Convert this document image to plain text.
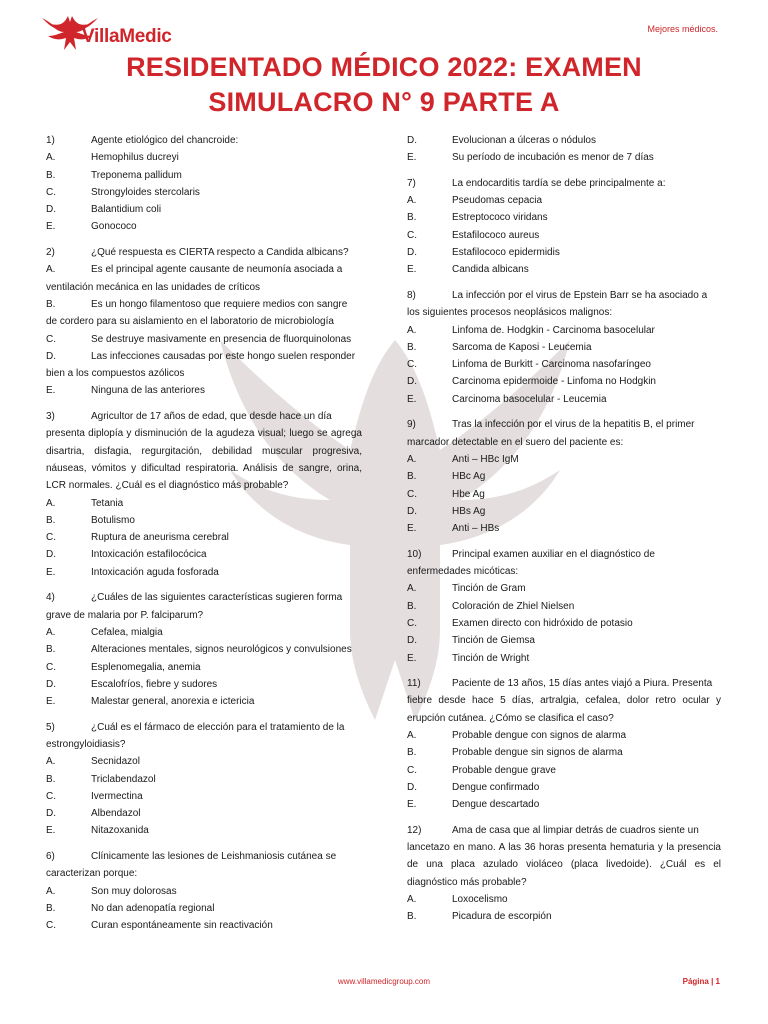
VillaMedic	Mejores médicos.
RESIDENTADO MÉDICO 2022: EXAMEN
SIMULACRO N° 9 PARTE A
1)	Agente etiológico del chancroide:
A.	Hemophilus ducreyi
B.	Treponema pallidum
C.	Strongyloides stercolaris
D.	Balantidium coli
E.	Gonococo
2)	¿Qué respuesta es CIERTA respecto a Candida albicans?
A.	Es el principal agente causante de neumonía asociada a
ventilación mecánica en las unidades de críticos
B.	Es un hongo filamentoso que requiere medios con sangre
de cordero para su aislamiento en el laboratorio de microbiología
C.	Se destruye masivamente en presencia de fluorquinolonas
D.	Las infecciones causadas por este hongo suelen responder
bien a los compuestos azólicos
E.	Ninguna de las anteriores
3)	Agricultor de 17 años de edad, que desde hace un día
presenta diplopía y disminución de la agudeza visual; luego se agrega disartria, disfagia, regurgitación, debilidad muscular progresiva, náuseas, vómitos y dificultad respiratoria. Análisis de sangre, orina, LCR normales. ¿Cuál es el diagnóstico más probable?
A.	Tetania
B.	Botulismo
C.	Ruptura de aneurisma cerebral
D.	Intoxicación estafilocócica
E.	Intoxicación aguda fosforada
4)	¿Cuáles de las siguientes características sugieren forma
grave de malaria por P. falciparum?
A.	Cefalea, mialgia
B.	Alteraciones mentales, signos neurológicos y convulsiones
C.	Esplenomegalia, anemia
D.	Escalofríos, fiebre y sudores
E.	Malestar general, anorexia e ictericia
5)	¿Cuál es el fármaco de elección para el tratamiento de la
estrongyloidiasis?
A.	Secnidazol
B.	Triclabendazol
C.	Ivermectina
D.	Albendazol
E.	Nitazoxanida
6)	Clínicamente las lesiones de Leishmaniosis cutánea se
caracterizan porque:
A.	Son muy dolorosas
B.	No dan adenopatía regional
C.	Curan espontáneamente sin reactivación
D.	Evolucionan a úlceras o nódulos
E.	Su período de incubación es menor de 7 días
7)	La endocarditis tardía se debe principalmente a:
A.	Pseudomas cepacia
B.	Estreptococo viridans
C.	Estafilococo aureus
D.	Estafilococo epidermidis
E.	Candida albicans
8)	La infección por el virus de Epstein Barr se ha asociado a
los siguientes procesos neoplásicos malignos:
A.	Linfoma de. Hodgkin - Carcinoma basocelular
B.	Sarcoma de Kaposi - Leucemia
C.	Linfoma de Burkitt - Carcinoma nasofaríngeo
D.	Carcinoma epidermoide - Linfoma no Hodgkin
E.	Carcinoma basocelular - Leucemia
9)	Tras la infección por el virus de la hepatitis B, el primer
marcador detectable en el suero del paciente es:
A.	Anti – HBc IgM
B.	HBc Ag
C.	Hbe Ag
D.	HBs Ag
E.	Anti – HBs
10)	Principal examen auxiliar en el diagnóstico de
enfermedades micóticas:
A.	Tinción de Gram
B.	Coloración de Zhiel Nielsen
C.	Examen directo con hidróxido de potasio
D.	Tinción de Giemsa
E.	Tinción de Wright
11)	Paciente de 13 años, 15 días antes viajó a Piura. Presenta
fiebre desde hace 5 días, artralgia, cefalea, dolor retro ocular y erupción cutánea. ¿Cómo se clasifica el caso?
A.	Probable dengue con signos de alarma
B.	Probable dengue sin signos de alarma
C.	Probable dengue grave
D.	Dengue confirmado
E.	Dengue descartado
12)	Ama de casa que al limpiar detrás de cuadros siente un
lancetazo en mano. A las 36 horas presenta hematuria y la presencia de una placa azulado violáceo (placa livedoide). ¿Cuál es el diagnóstico más probable?
A.	Loxocelismo
B.	Picadura de escorpión
www.villamedicgroup.com	Página | 1
